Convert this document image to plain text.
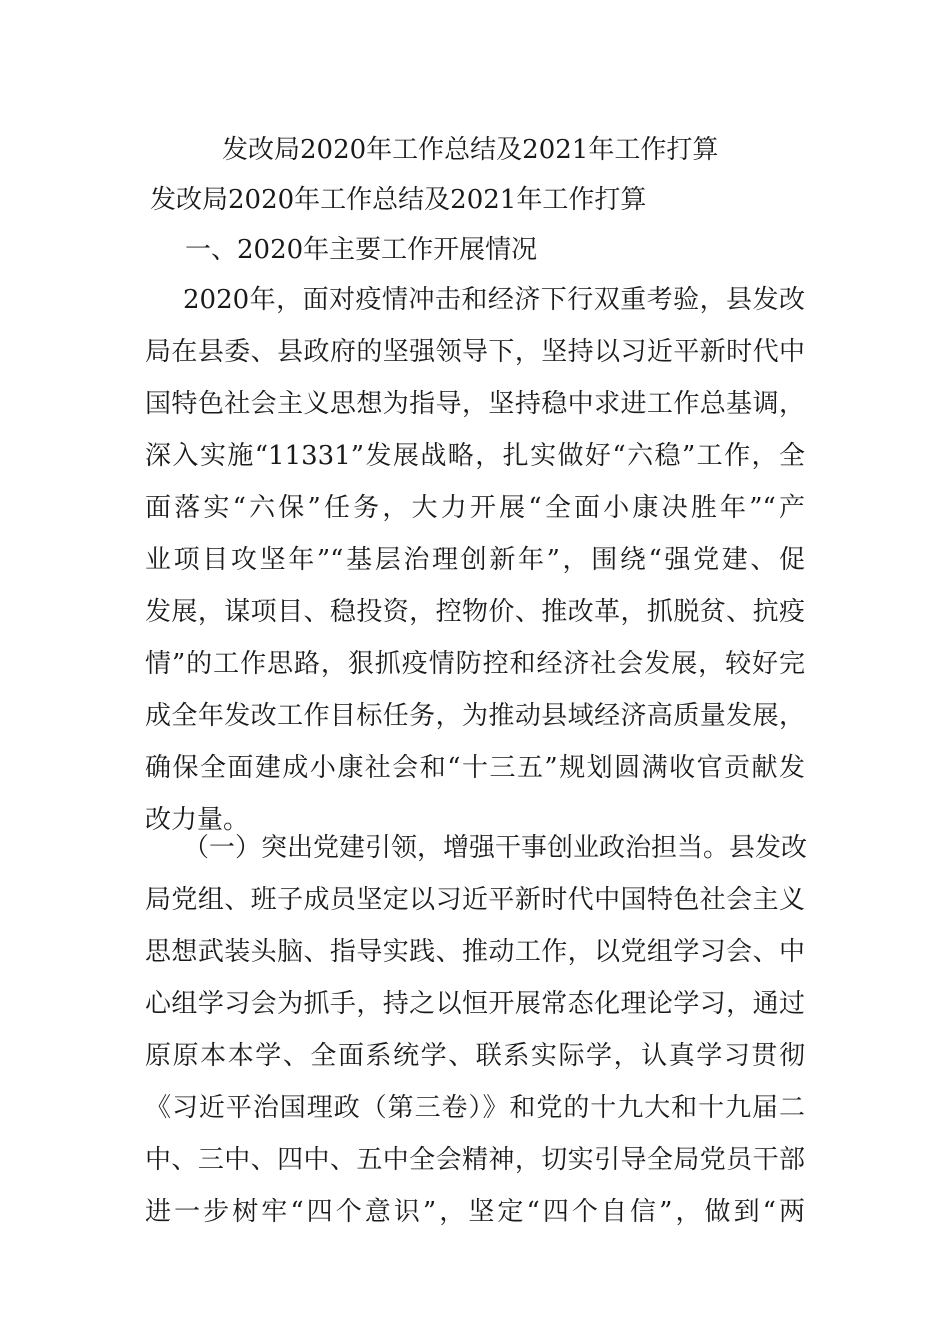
发改局2020年工作总结及2021年工作打算

发改局2020年工作总结及2021年工作打算

一、2020年主要工作开展情况

2020年，面对疫情冲击和经济下行双重考验，县发改
局在县委、县政府的坚强领导下，坚持以习近平新时代中
国特色社会主义思想为指导，坚持稳中求进工作总基调，
深入实施“11331”发展战略，扎实做好“六稳”工作，全
面落实“六保”任务，大力开展“全面小康决胜年”“产
业项目攻坚年”“基层治理创新年”，围绕“强党建、促
发展，谋项目、稳投资，控物价、推改革，抓脱贫、抗疫
情”的工作思路，狠抓疫情防控和经济社会发展，较好完
成全年发改工作目标任务，为推动县域经济高质量发展，
确保全面建成小康社会和“十三五”规划圆满收官贡献发
改力量。
（一）突出党建引领，增强干事创业政治担当。县发改
局党组、班子成员坚定以习近平新时代中国特色社会主义
思想武装头脑、指导实践、推动工作，以党组学习会、中
心组学习会为抓手，持之以恒开展常态化理论学习，通过
原原本本学、全面系统学、联系实际学，认真学习贯彻
《习近平治国理政（第三卷）》和党的十九大和十九届二
中、三中、四中、五中全会精神，切实引导全局党员干部
进一步树牢“四个意识”，坚定“四个自信”，做到“两
